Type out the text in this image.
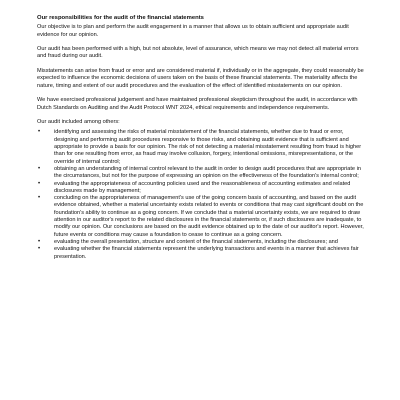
Our responsibilities for the audit of the financial statements

Our objective is to plan and perform the audit engagement in a manner that allows us to obtain sufficient and appropriate audit evidence for our opinion.

Our audit has been performed with a high, but not absolute, level of assurance, which means we may not detect all material errors and fraud during our audit.

Misstatements can arise from fraud or error and are considered material if, individually or in the aggregate, they could reasonably be expected to influence the economic decisions of users taken on the basis of these financial statements. The materiality affects the nature, timing and extent of our audit procedures and the evaluation of the effect of identified misstatements on our opinion.

We have exercised professional judgement and have maintained professional skepticism throughout the audit, in accordance with Dutch Standards on Auditing and the Audit Protocol WNT 2024, ethical requirements and independence requirements.

Our audit included among others:

• identifying and assessing the risks of material misstatement of the financial statements, whether due to fraud or error, designing and performing audit procedures responsive to those risks, and obtaining audit evidence that is sufficient and appropriate to provide a basis for our opinion. The risk of not detecting a material misstatement resulting from fraud is higher than for one resulting from error, as fraud may involve collusion, forgery, intentional omissions, misrepresentations, or the override of internal control;
• obtaining an understanding of internal control relevant to the audit in order to design audit procedures that are appropriate in the circumstances, but not for the purpose of expressing an opinion on the effectiveness of the foundation's internal control;
• evaluating the appropriateness of accounting policies used and the reasonableness of accounting estimates and related disclosures made by management;
• concluding on the appropriateness of management's use of the going concern basis of accounting, and based on the audit evidence obtained, whether a material uncertainty exists related to events or conditions that may cast significant doubt on the foundation's ability to continue as a going concern. If we conclude that a material uncertainty exists, we are required to draw attention in our auditor's report to the related disclosures in the financial statements or, if such disclosures are inadequate, to modify our opinion. Our conclusions are based on the audit evidence obtained up to the date of our auditor's report. However, future events or conditions may cause a foundation to cease to continue as a going concern.
• evaluating the overall presentation, structure and content of the financial statements, including the disclosures; and
• evaluating whether the financial statements represent the underlying transactions and events in a manner that achieves fair presentation.
